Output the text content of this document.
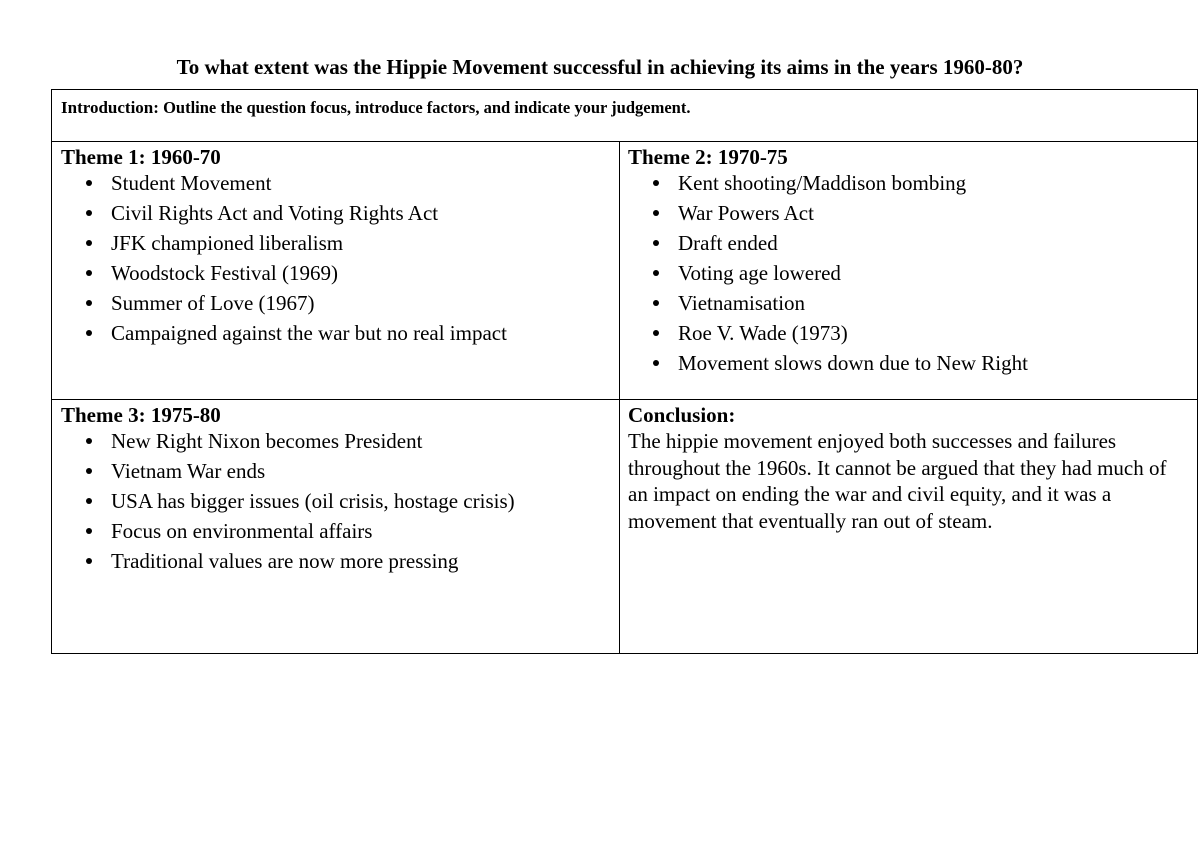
To what extent was the Hippie Movement successful in achieving its aims in the years 1960-80?
Introduction: Outline the question focus, introduce factors, and indicate your judgement.
Theme 1: 1960-70
Student Movement
Civil Rights Act and Voting Rights Act
JFK championed liberalism
Woodstock Festival (1969)
Summer of Love (1967)
Campaigned against the war but no real impact
Theme 2: 1970-75
Kent shooting/Maddison bombing
War Powers Act
Draft ended
Voting age lowered
Vietnamisation
Roe V. Wade (1973)
Movement slows down due to New Right
Theme 3: 1975-80
New Right Nixon becomes President
Vietnam War ends
USA has bigger issues (oil crisis, hostage crisis)
Focus on environmental affairs
Traditional values are now more pressing
Conclusion:
The hippie movement enjoyed both successes and failures throughout the 1960s. It cannot be argued that they had much of an impact on ending the war and civil equity, and it was a movement that eventually ran out of steam.
